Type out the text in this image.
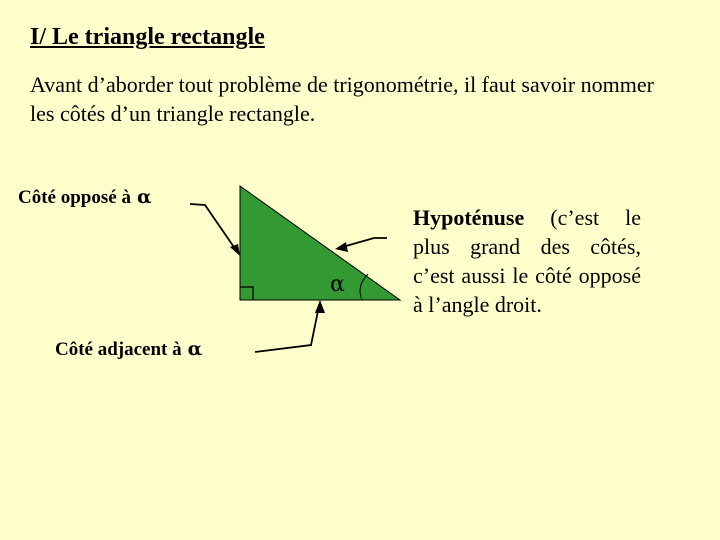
I/ Le triangle rectangle

Avant d’aborder tout problème de trigonométrie, il faut savoir nommer les côtés d’un triangle rectangle.

Côté opposé à α
Côté adjacent à α
α

Hypoténuse (c’est le plus grand des côtés, c’est aussi le côté opposé à l’angle droit.
